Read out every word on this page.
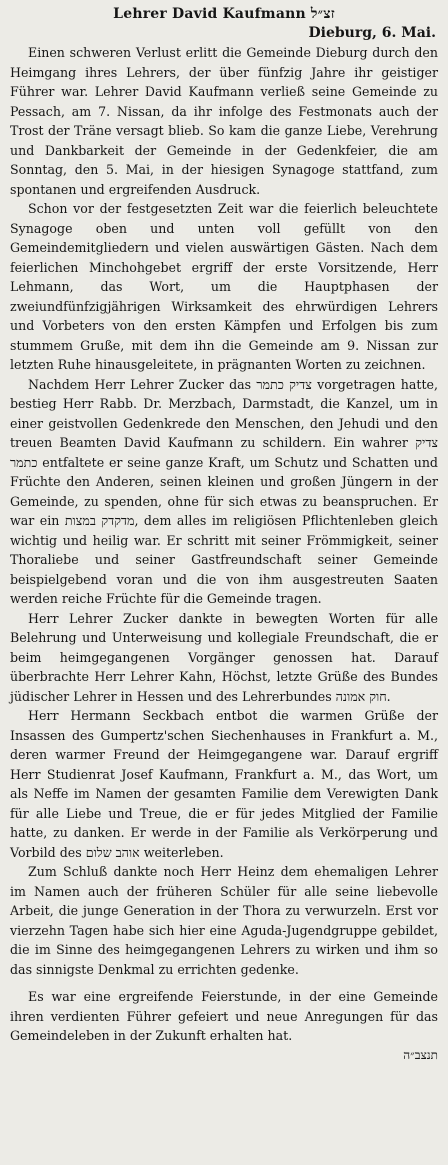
Lehrer David Kaufmann זצ״ל
Dieburg, 6. Mai.

Einen schweren Verlust erlitt die Gemeinde Dieburg durch den Heimgang ihres Lehrers, der über fünfzig Jahre ihr geistiger Führer war. Lehrer David Kaufmann verließ seine Gemeinde zu Pessach, am 7. Nissan, da ihr infolge des Festmonats auch der Trost der Träne versagt blieb. So kam die ganze Liebe, Verehrung und Dankbarkeit der Gemeinde in der Gedenkfeier, die am Sonntag, den 5. Mai, in der hiesigen Synagoge stattfand, zum spontanen und ergreifenden Ausdruck.

Schon vor der festgesetzten Zeit war die feierlich beleuchtete Synagoge oben und unten voll gefüllt von den Gemeindemitgliedern und vielen auswärtigen Gästen. Nach dem feierlichen Minchohgebet ergriff der erste Vorsitzende, Herr Lehmann, das Wort, um die Hauptphasen der zweiundfünfzigjährigen Wirksamkeit des ehrwürdigen Lehrers und Vorbeters von den ersten Kämpfen und Erfolgen bis zum stummem Gruße, mit dem ihn die Gemeinde am 9. Nissan zur letzten Ruhe hinausgeleitete, in prägnanten Worten zu zeichnen.

Nachdem Herr Lehrer Zucker das צדיק כתמר vorgetragen hatte, bestieg Herr Rabb. Dr. Merzbach, Darmstadt, die Kanzel, um in einer geistvollen Gedenkrede den Menschen, den Jehudi und den treuen Beamten David Kaufmann zu schildern. Ein wahrer צדיק כתמר entfaltete er seine ganze Kraft, um Schutz und Schatten und Früchte den Anderen, seinen kleinen und großen Jüngern in der Gemeinde, zu spenden, ohne für sich etwas zu beanspruchen. Er war ein מדקדק במצות, dem alles im religiösen Pflichtenleben gleich wichtig und heilig war. Er schritt mit seiner Frömmigkeit, seiner Thoraliebe und seiner Gastfreundschaft seiner Gemeinde beispielgebend voran und die von ihm ausgestreuten Saaten werden reiche Früchte für die Gemeinde tragen.

Herr Lehrer Zucker dankte in bewegten Worten für alle Belehrung und Unterweisung und kollegiale Freundschaft, die er beim heimgegangenen Vorgänger genossen hat. Darauf überbrachte Herr Lehrer Kahn, Höchst, letzte Grüße des Bundes jüdischer Lehrer in Hessen und des Lehrerbundes חוק אמונה.

Herr Hermann Seckbach entbot die warmen Grüße der Insassen des Gumpertz'schen Siechenhauses in Frankfurt a. M., deren warmer Freund der Heimgegangene war. Darauf ergriff Herr Studienrat Josef Kaufmann, Frankfurt a. M., das Wort, um als Neffe im Namen der gesamten Familie dem Verewigten Dank für alle Liebe und Treue, die er für jedes Mitglied der Familie hatte, zu danken. Er werde in der Familie als Verkörperung und Vorbild des אוהב שלום weiterleben.

Zum Schluß dankte noch Herr Heinz dem ehemaligen Lehrer im Namen auch der früheren Schüler für alle seine liebevolle Arbeit, die junge Generation in der Thora zu verwurzeln. Erst vor vierzehn Tagen habe sich hier eine Aguda-Jugendgruppe gebildet, die im Sinne des heimgegangenen Lehrers zu wirken und ihm so das sinnigste Denkmal zu errichten gedenke.

Es war eine ergreifende Feierstunde, in der eine Gemeinde ihren verdienten Führer gefeiert und neue Anregungen für das Gemeindeleben in der Zukunft erhalten hat.

תנצב״ה
